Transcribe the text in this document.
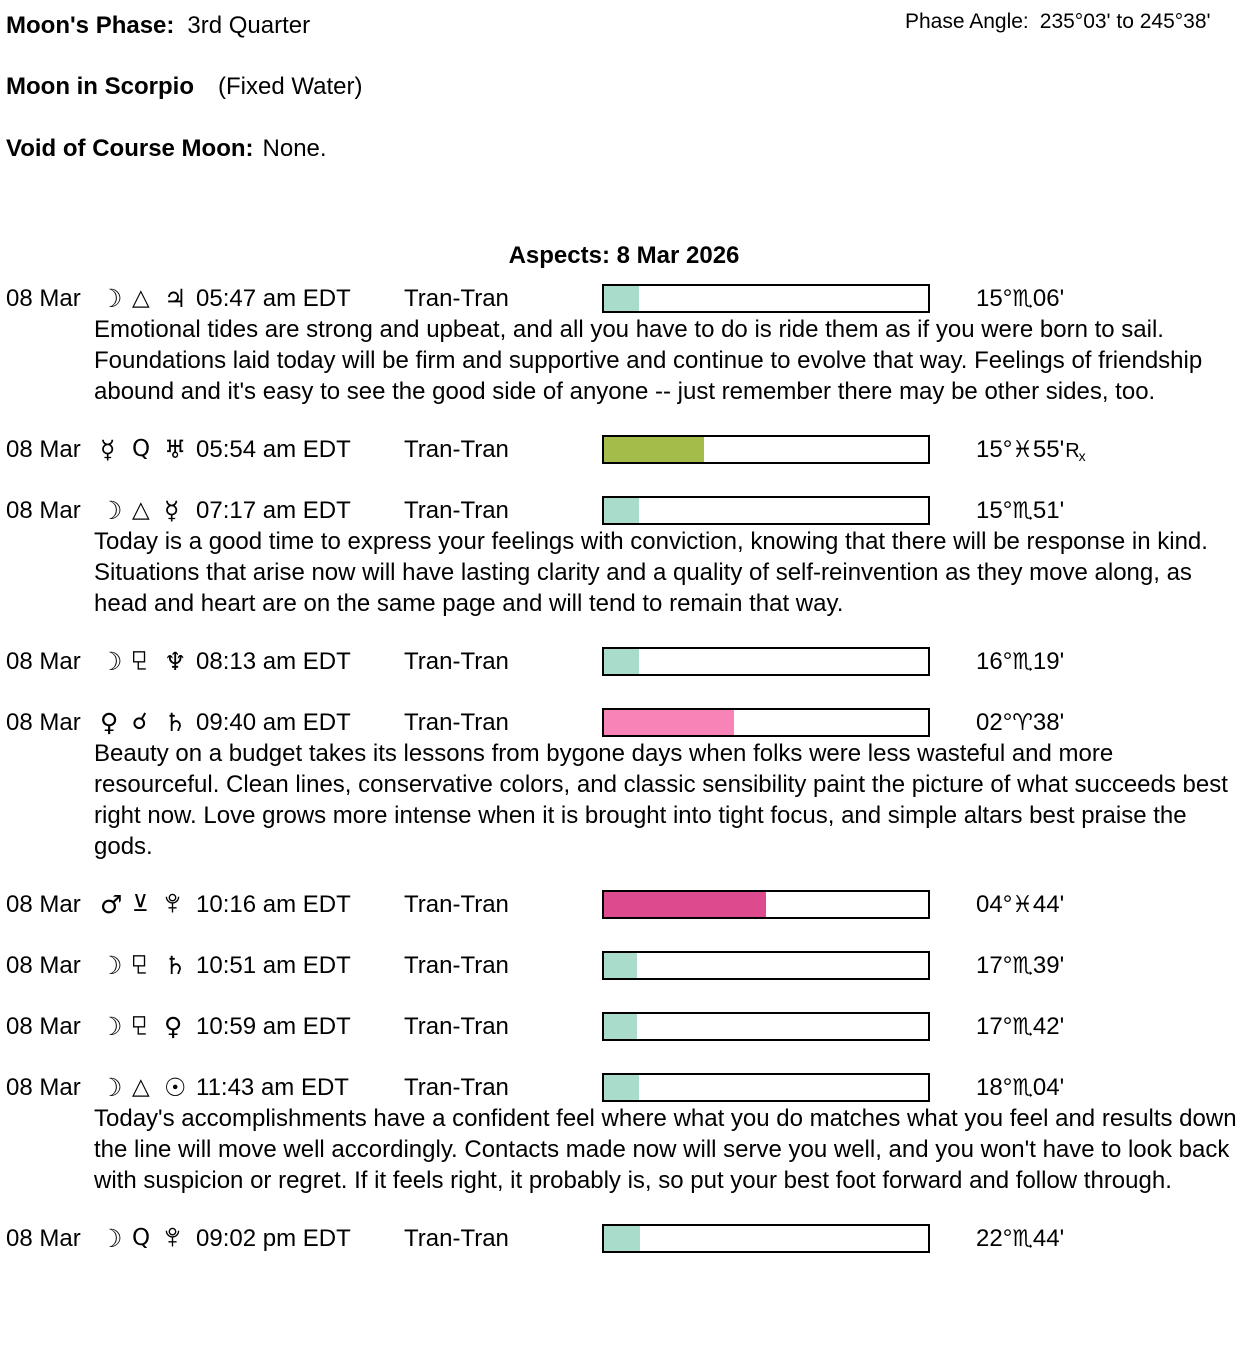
Moon's Phase: 3rd Quarter
Moon in Scorpio (Fixed Water)
Void of Course Moon: None.
Phase Angle: 235°03' to 245°38'
Aspects: 8 Mar 2026
08 Mar ☽ △ ♃ 05:47 am EDT	Tran-Tran	15°♏06'

Emotional tides are strong and upbeat, and all you have to do is ride them as if you were born to sail. Foundations laid today will be firm and supportive and continue to evolve that way. Feelings of friendship abound and it's easy to see the good side of anyone -- just remember there may be other sides, too.

08 Mar ☿ Q ♅ 05:54 am EDT	Tran-Tran	$15^\circ♓55'R_x$
08 Mar ☽ △ ☿ 07:17 am EDT	Tran-Tran	15°♏51'

Today is a good time to express your feelings with conviction, knowing that there will be response in kind. Situations that arise now will have lasting clarity and a quality of self-reinvention as they move along, as head and heart are on the same page and will tend to remain that way.

08 Mar ☽	♆ 08:13 am EDT	Tran-Tran	16°♏19'
08 Mar ♀ ☌ ♄ 09:40 am EDT	Tran-Tran	02°♈38'

Beauty on a budget takes its lessons from bygone days when folks were less wasteful and more resourceful. Clean lines, conservative colors, and classic sensibility paint the picture of what succeeds best right now. Love grows more intense when it is brought into tight focus, and simple altars best praise the gods.

08 Mar ♂ ⊻	10:16 am EDT	Tran-Tran	04°♓44'
08 Mar ☽	♄ 10:51 am EDT	Tran-Tran	17°♏39'
08 Mar ☽	♀ 10:59 am EDT	Tran-Tran	17°♏42'
08 Mar ☽ △ ☉ 11:43 am EDT	Tran-Tran	18°♏04'

Today's accomplishments have a confident feel where what you do matches what you feel and results down the line will move well accordingly. Contacts made now will serve you well, and you won't have to look back with suspicion or regret. If it feels right, it probably is, so put your best foot forward and follow through.

08 Mar ☽ Q	09:02 pm EDT	Tran-Tran	22°♏44'
